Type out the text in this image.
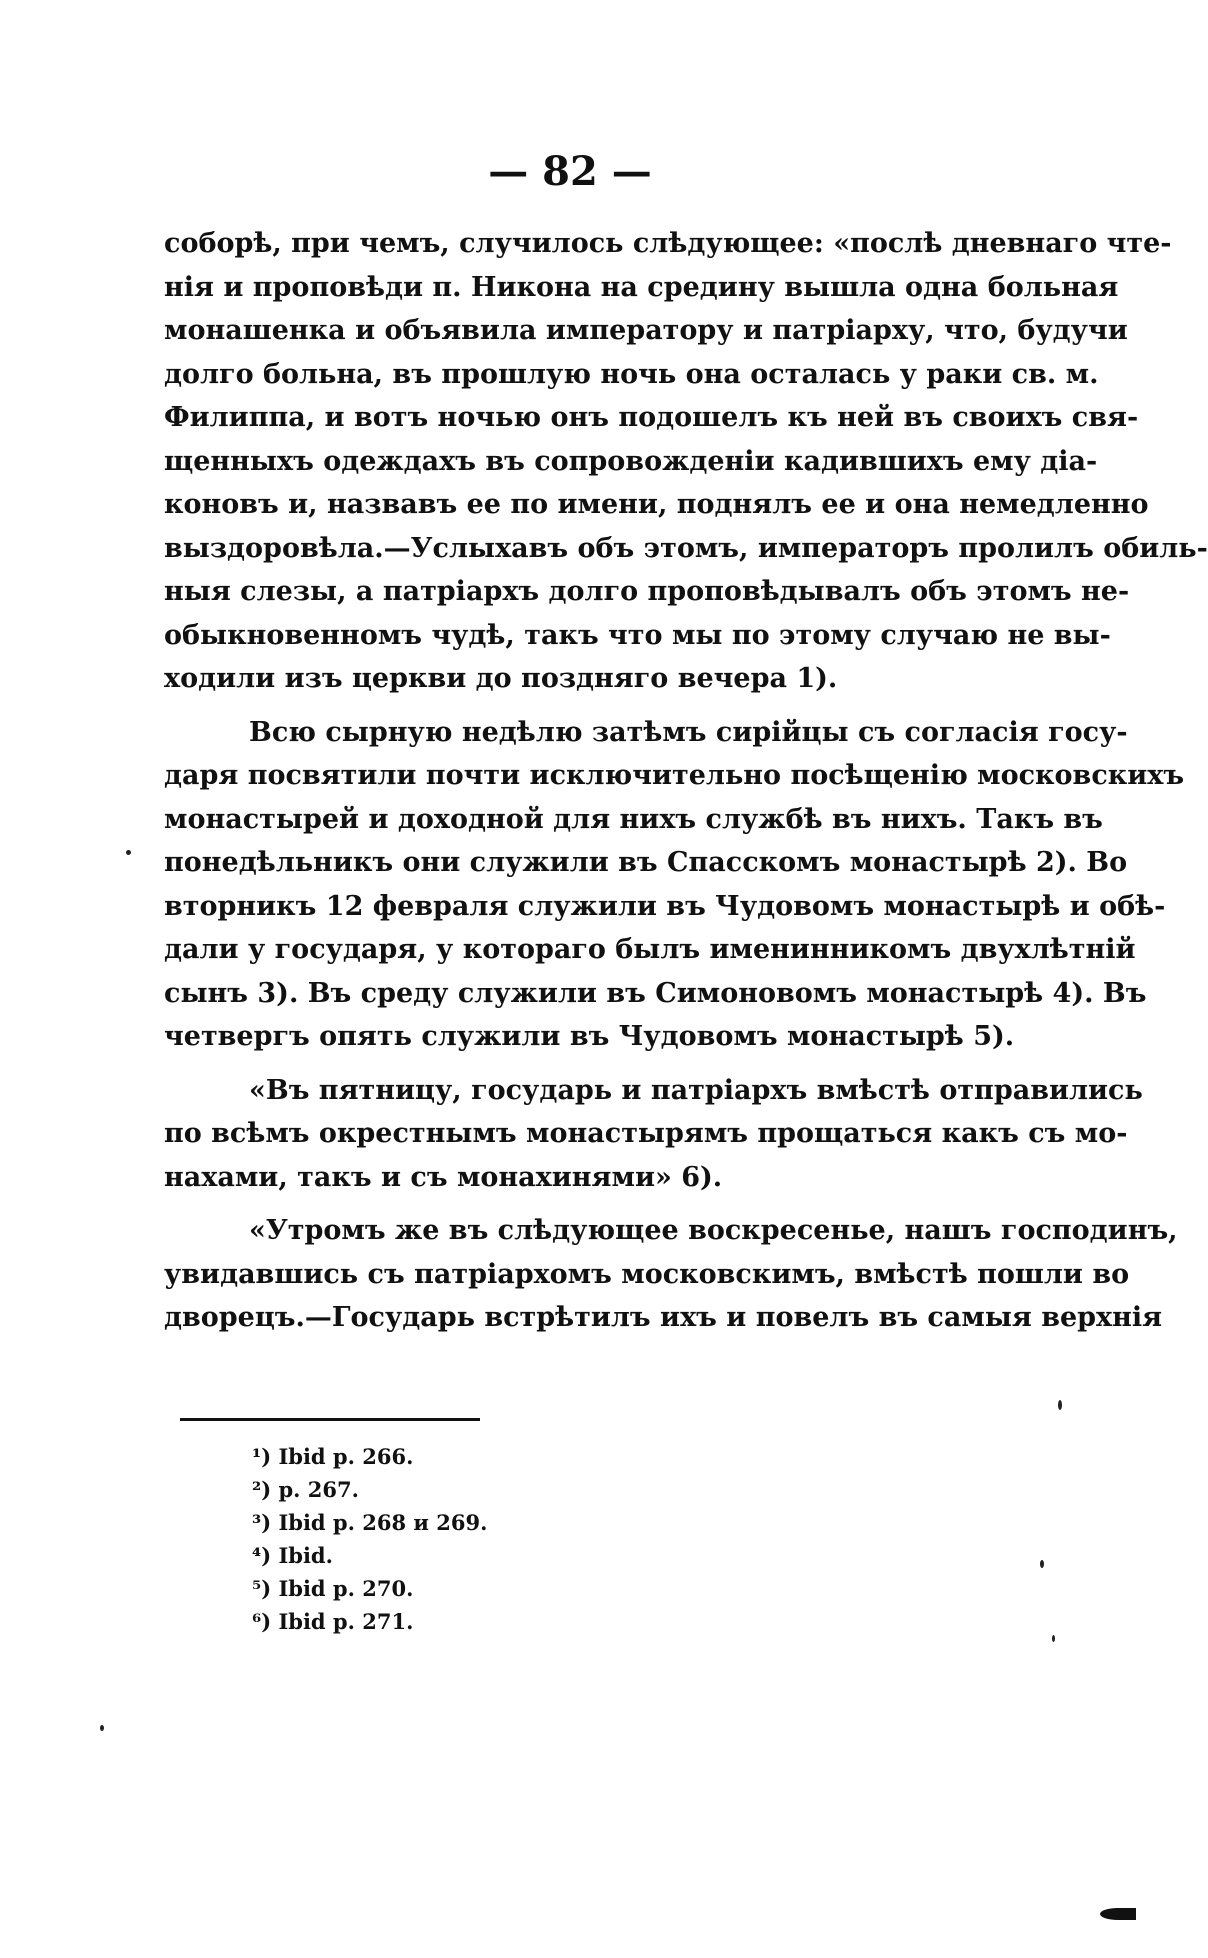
— 82 —
соборѣ, при чемъ, случилось слѣдующее: «послѣ дневнаго чте-
нія и проповѣди п. Никона на средину вышла одна больная
монашенка и объявила императору и патріарху, что, будучи
долго больна, въ прошлую ночь она осталась у раки св. м.
Филиппа, и вотъ ночью онъ подошелъ къ ней въ своихъ свя-
щенныхъ одеждахъ въ сопровожденіи кадившихъ ему діа-
коновъ и, назвавъ ее по имени, поднялъ ее и она немедленно
выздоровѣла.—Услыхавъ объ этомъ, императоръ пролилъ обиль-
ныя слезы, а патріархъ долго проповѣдывалъ объ этомъ не-
обыкновенномъ чудѣ, такъ что мы по этому случаю не вы-
ходили изъ церкви до поздняго вечера 1).
Всю сырную недѣлю затѣмъ сирійцы съ согласія госу-
даря посвятили почти исключительно посѣщенію московскихъ
монастырей и доходной для нихъ службѣ въ нихъ. Такъ въ
понедѣльникъ они служили въ Спасскомъ монастырѣ 2). Во
вторникъ 12 февраля служили въ Чудовомъ монастырѣ и обѣ-
дали у государя, у котораго былъ именинникомъ двухлѣтній
сынъ 3). Въ среду служили въ Симоновомъ монастырѣ 4). Въ
четвергъ опять служили въ Чудовомъ монастырѣ 5).
«Въ пятницу, государь и патріархъ вмѣстѣ отправились
по всѣмъ окрестнымъ монастырямъ прощаться какъ съ мо-
нахами, такъ и съ монахинями» 6).
«Утромъ же въ слѣдующее воскресенье, нашъ господинъ,
увидавшись съ патріархомъ московскимъ, вмѣстѣ пошли во
дворецъ.—Государь встрѣтилъ ихъ и повелъ въ самыя верхнія
¹) Ibid p. 266.
²) p. 267.
³) Ibid p. 268 и 269.
⁴) Ibid.
⁵) Ibid p. 270.
⁶) Ibid p. 271.
